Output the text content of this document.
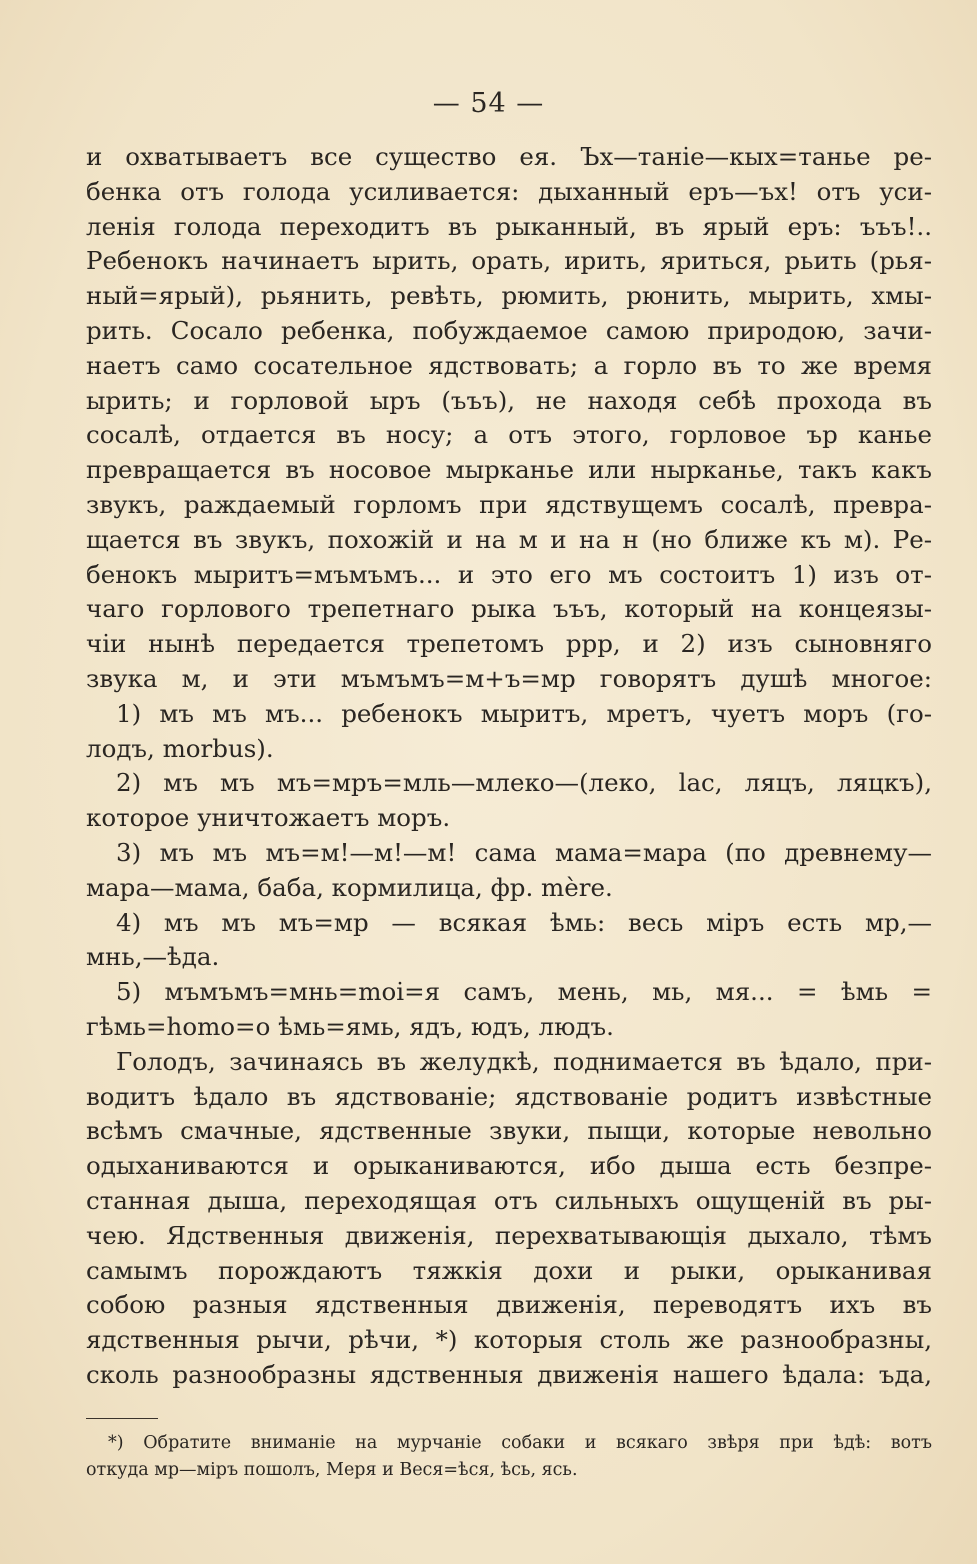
— 54 —
и охватываетъ все существо ея. Ъх—таніе—кых=танье ре-
бенка отъ голода усиливается: дыханный еръ—ъх! отъ уси-
ленія голода переходитъ въ рыканный, въ ярый еръ: ъъъ!..
Ребенокъ начинаетъ ырить, орать, ирить, яриться, рьить (рья-
ный=ярый), рьянить, ревѣть, рюмить, рюнить, мырить, хмы-
рить. Сосало ребенка, побуждаемое самою природою, зачи-
наетъ само сосательное ядствовать; а горло въ то же время
ырить; и горловой ыръ (ъъъ), не находя себѣ прохода въ
сосалѣ, отдается въ носу; а отъ этого, горловое ър канье
превращается въ носовое мырканье или нырканье, такъ какъ
звукъ, раждаемый горломъ при ядствущемъ сосалѣ, превра-
щается въ звукъ, похожій и на м и на н (но ближе къ м). Ре-
бенокъ мыритъ=мъмъмъ... и это его мъ состоитъ 1) изъ от-
чаго горлового трепетнаго рыка ъъъ, который на концеязы-
чіи нынѣ передается трепетомъ ррр, и 2) изъ сыновняго
звука м, и эти мъмъмъ=м+ъ=мр говорятъ душѣ многое:
1) мъ мъ мъ... ребенокъ мыритъ, мретъ, чуетъ моръ (го-
лодъ, morbus).
2) мъ мъ мъ=мръ=мль—млеко—(леко, lac, ляцъ, ляцкъ),
которое уничтожаетъ моръ.
3) мъ мъ мъ=м!—м!—м! сама мама=мара (по древнему—
мара—мама, баба, кормилица, фр. mère.
4) мъ мъ мъ=мр — всякая ѣмь: весь міръ есть мр,—
мнь,—ѣда.
5) мъмъмъ=мнь=moi=я самъ, мень, мь, мя... = ѣмь =
гѣмь=homo=о ѣмь=ямь, ядъ, юдъ, людъ.
Голодъ, зачинаясь въ желудкѣ, поднимается въ ѣдало, при-
водитъ ѣдало въ ядствованіе; ядствованіе родитъ извѣстные
всѣмъ смачные, ядственные звуки, пыщи, которые невольно
одыханиваются и орыканиваются, ибо дыша есть безпре-
станная дыша, переходящая отъ сильныхъ ощущеній въ ры-
чею. Ядственныя движенія, перехватывающія дыхало, тѣмъ
самымъ порождаютъ тяжкія дохи и рыки, орыканивая
собою разныя ядственныя движенія, переводятъ ихъ въ
ядственныя рычи, рѣчи, *) которыя столь же разнообразны,
сколь разнообразны ядственныя движенія нашего ѣдала: ъда,
*) Обратите вниманіе на мурчаніе собаки и всякаго звѣря при ѣдѣ: вотъ
откуда мр—міръ пошолъ, Меря и Веся=ѣся, ѣсь, ясь.
